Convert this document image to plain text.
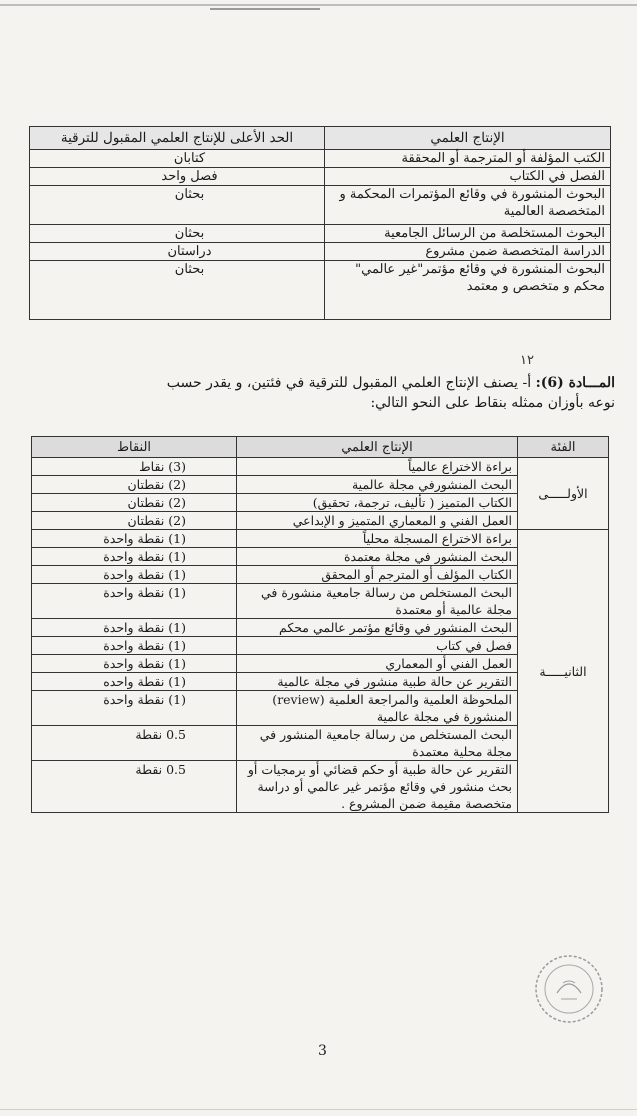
الإنتاج العلمي	الحد الأعلى للإنتاج العلمي المقبول للترقية
الكتب المؤلفة أو المترجمة أو المحققة	كتابان
الفصل في الكتاب	فصل واحد
البحوث المنشورة في وقائع المؤتمرات المحكمة و المتخصصة العالمية	بحثان
البحوث المستخلصة من الرسائل الجامعية	بحثان
الدراسة المتخصصة ضمن مشروع	دراستان
البحوث المنشورة في وقائع مؤتمر"غير عالمي" محكم و متخصص و معتمد	بحثان
١٢
المـــادة (6): أ- يصنف الإنتاج العلمي المقبول للترقية في فئتين، و يقدر حسب نوعه بأوزان ممثله بنقاط على النحو التالي:
الفئة	الإنتاج العلمي	النقاط
الأولـــــى	براءة الاختراع عالمياً	(3) نقاط
	البحث المنشورفي مجلة عالمية	(2) نقطتان
	الكتاب المتميز ( تأليف، ترجمة، تحقيق)	(2) نقطتان
	العمل الفني و المعماري المتميز و الإبداعي	(2) نقطتان
الثانيـــــة	براءة الاختراع المسجلة محلياً	(1) نقطة واحدة
	البحث المنشور في مجلة معتمدة	(1) نقطة واحدة
	الكتاب المؤلف أو المترجم أو المحقق	(1) نقطة واحدة
	البحث المستخلص من رسالة جامعية منشورة في مجلة عالمية أو معتمدة	(1) نقطة واحدة
	البحث المنشور في وقائع مؤتمر عالمي محكم	(1) نقطة واحدة
	فصل في كتاب	(1) نقطة واحدة
	العمل الفني أو المعماري	(1) نقطة واحدة
	التقرير عن حالة طبية منشور في مجلة عالمية	(1) نقطة واحده
	الملحوظة العلمية والمراجعة العلمية (review) المنشورة في مجلة عالمية	(1) نقطة واحدة
	البحث المستخلص من رسالة جامعية المنشور في مجلة محلية معتمدة	0.5 نقطة
	التقرير عن حالة طبية أو حكم قضائي أو برمجيات أو بحث منشور في وقائع مؤتمر غير عالمي أو دراسة متخصصة مقيمة ضمن المشروع .	0.5 نقطة
3
